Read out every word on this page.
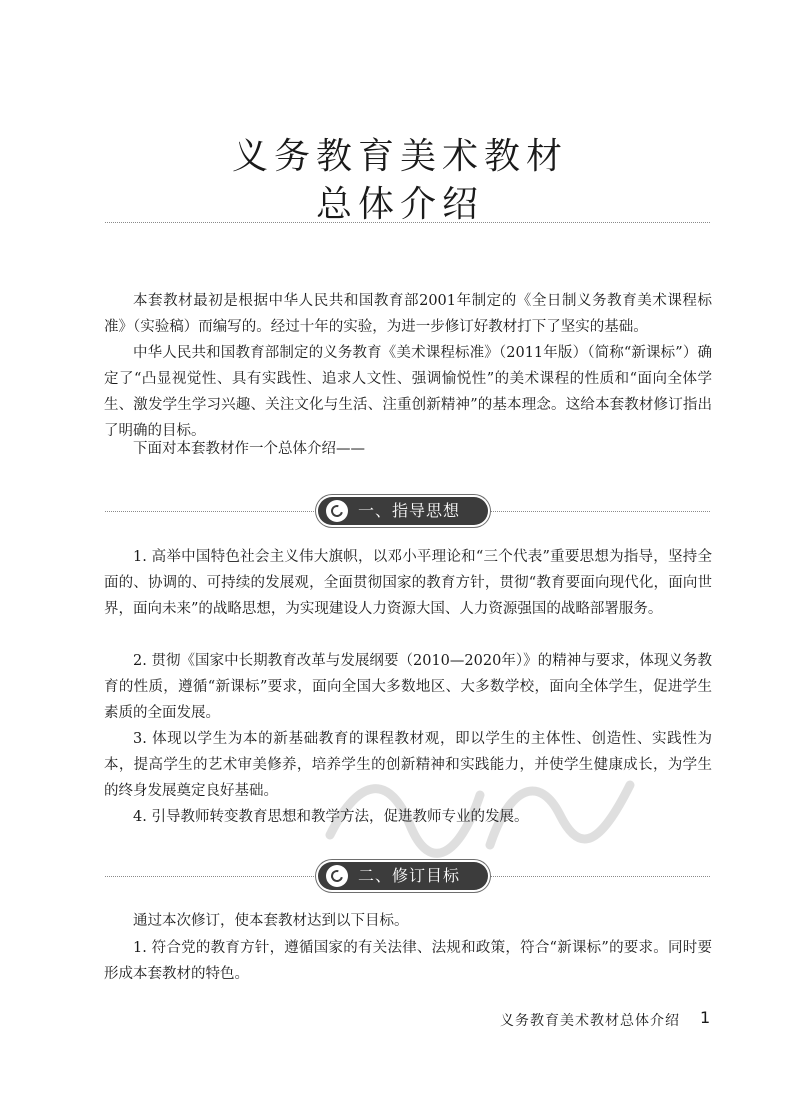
义务教育美术教材
总体介绍

本套教材最初是根据中华人民共和国教育部2001年制定的《全日制义务教育美术课程标准》（实验稿）而编写的。经过十年的实验，为进一步修订好教材打下了坚实的基础。

中华人民共和国教育部制定的义务教育《美术课程标准》（2011年版）（简称“新课标”）确定了“凸显视觉性、具有实践性、追求人文性、强调愉悦性”的美术课程的性质和“面向全体学生、激发学生学习兴趣、关注文化与生活、注重创新精神”的基本理念。这给本套教材修订指出了明确的目标。

下面对本套教材作一个总体介绍——

一、指导思想

1. 高举中国特色社会主义伟大旗帜，以邓小平理论和“三个代表”重要思想为指导，坚持全面的、协调的、可持续的发展观，全面贯彻国家的教育方针，贯彻“教育要面向现代化，面向世界，面向未来”的战略思想，为实现建设人力资源大国、人力资源强国的战略部署服务。

2. 贯彻《国家中长期教育改革与发展纲要（2010—2020年）》的精神与要求，体现义务教育的性质，遵循“新课标”要求，面向全国大多数地区、大多数学校，面向全体学生，促进学生素质的全面发展。

3. 体现以学生为本的新基础教育的课程教材观，即以学生的主体性、创造性、实践性为本，提高学生的艺术审美修养，培养学生的创新精神和实践能力，并使学生健康成长，为学生的终身发展奠定良好基础。

4. 引导教师转变教育思想和教学方法，促进教师专业的发展。

二、修订目标

通过本次修订，使本套教材达到以下目标。

1. 符合党的教育方针，遵循国家的有关法律、法规和政策，符合“新课标”的要求。同时要形成本套教材的特色。

义务教育美术教材总体介绍 1
